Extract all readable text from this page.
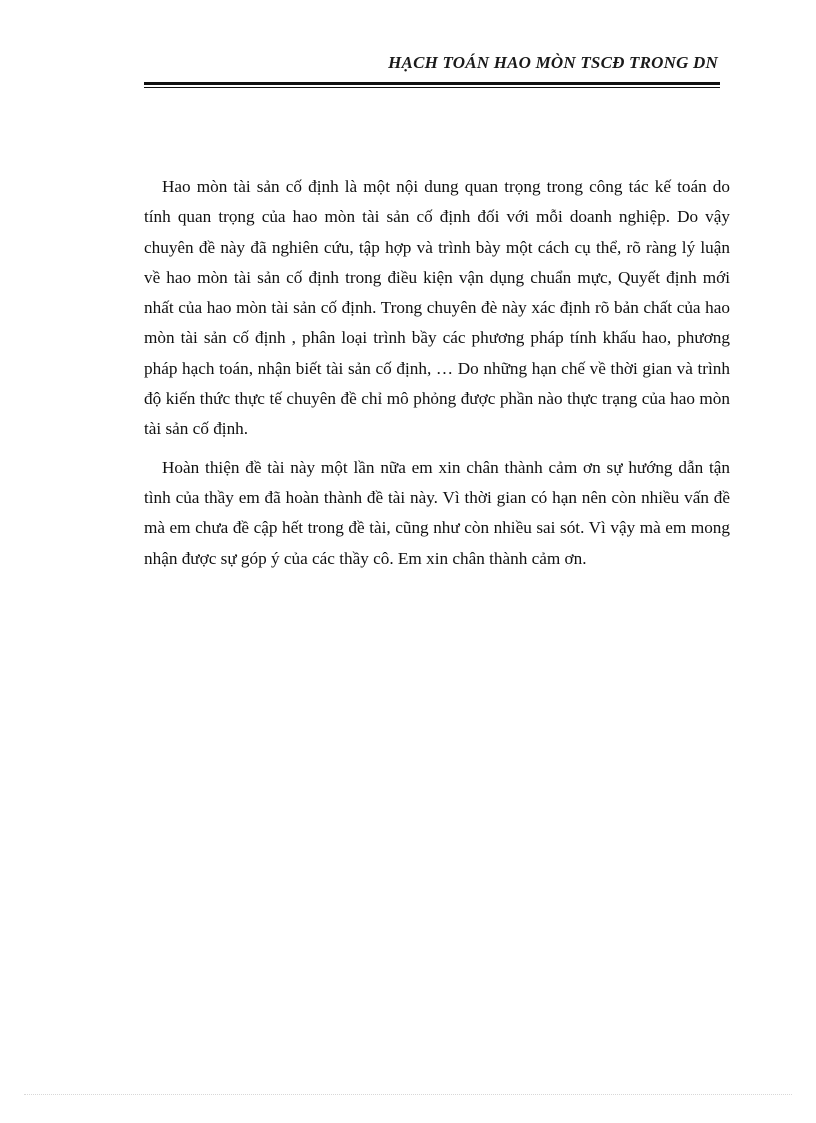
HẠCH TOÁN HAO MÒN TSCĐ TRONG DN

Hao mòn tài sản cố định là một nội dung quan trọng trong công tác kế toán do tính quan trọng của hao mòn tài sản cố định đối với mỗi doanh nghiệp. Do vậy chuyên đề này đã nghiên cứu, tập hợp và trình bày một cách cụ thể, rõ ràng lý luận về hao mòn tài sản cố định trong điều kiện vận dụng chuẩn mực, Quyết định mới nhất của hao mòn tài sản cố định. Trong chuyên đè này xác định rõ bản chất của hao mòn tài sản cố định , phân loại trình bầy các phương pháp tính khấu hao, phương pháp hạch toán, nhận biết tài sản cố định, … Do những hạn chế về thời gian và trình độ kiến thức thực tế chuyên đề chỉ mô phỏng được phần nào thực trạng của hao mòn tài sản cố định.

Hoàn thiện đề tài này một lần nữa em xin chân thành cảm ơn sự hướng dẫn tận tình của thầy em đã hoàn thành đề tài này. Vì thời gian có hạn nên còn nhiều vấn đề mà em chưa đề cập hết trong đề tài, cũng như còn nhiều sai sót. Vì vậy mà em mong nhận được sự góp ý của các thầy cô. Em xin chân thành cảm ơn.
